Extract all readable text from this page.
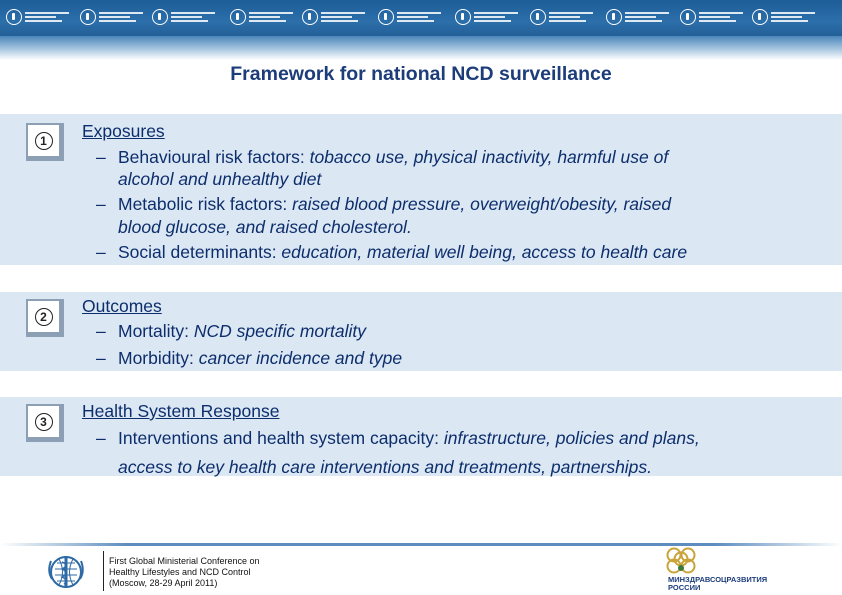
Framework for national NCD surveillance
1	Exposures
– Behavioural risk factors: tobacco use, physical inactivity, harmful use of
alcohol and unhealthy diet
– Metabolic risk factors: raised blood pressure, overweight/obesity, raised
blood glucose, and raised cholesterol.
– Social determinants: education, material well being, access to health care
2
Outcomes
– Mortality: NCD specific mortality
– Morbidity: cancer incidence and type
3
Health System Response
– Interventions and health system capacity: infrastructure, policies and plans,
access to key health care interventions and treatments, partnerships.
First Global Ministerial Conference on
Healthy Lifestyles and NCD Control
(Moscow, 28-29 April 2011)	МИНЗДРАВСОЦРАЗВИТИЯ
РОССИИ
